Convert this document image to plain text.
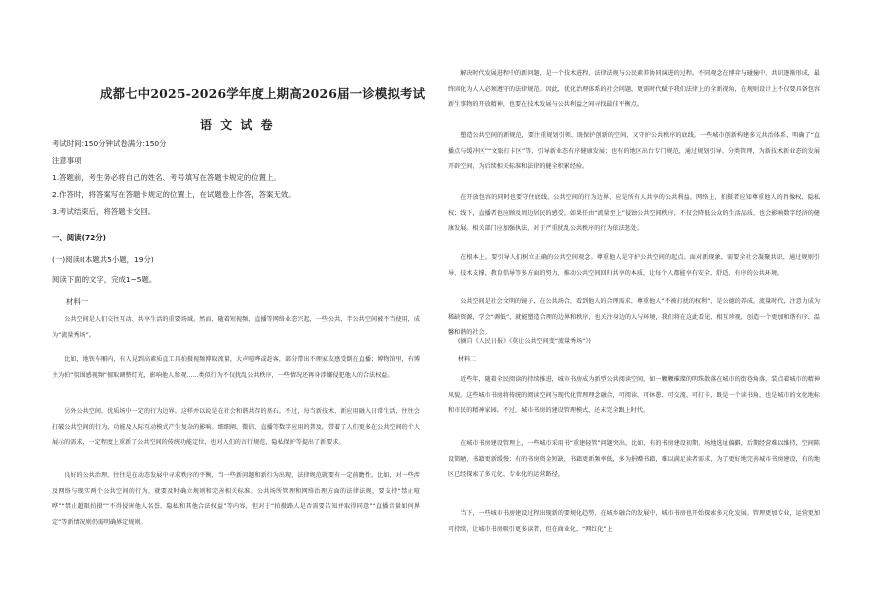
成都七中2025-2026学年度上期高2026届一诊模拟考试
语 文 试 卷
考试时间:150分钟试卷满分:150分
注意事项
1.答题前，考生务必将自己的姓名、考号填写在答题卡规定的位置上。
2.作答时，将答案写在答题卡规定的位置上，在试题卷上作答，答案无效。
3.考试结束后，将答题卡交回。
一、阅读(72分)
(一)阅读Ⅰ(本题共5小题，19分)
阅读下面的文字，完成1~5题。
材料一
公共空间是人们交往互动、共享生活的重要场域。然而，随着短视频、直播等网络业态兴起，一些公共、半公共空间被不当使用，成为“流量秀场”。
比如，地铁车厢内，有人見到高素质直工具拍摄视频博取流量，大声喧哗或赶客，部分带出不理家友感受倒在直播；博物馆里，有博主为拍“氛围感视频”擅取调整灯光，影响他人参观……类似行为不仅扰乱公共秩序，一些情况还再身涉嫌侵犯他人的合法权益。
另外公共空间，优质场中一定的行为边界。这样并以说是在社会和谐共存的基石。不过，每当新技术、新应用融入日常生活，往往会打破公共空间的行为、功能及人际互动模式产生复杂的影响。细细阐、微信、直播等数字应用的普及，带着了人们更多在公共空间的个人展示的需求，一定程度上重新了公共空间的传统功能定位，也对人们的言行规范、隐私保护等提出了新要求。
良好的公共治理，往往是在动态发展中寻求秩序的平衡，当一些新问题和新行为出现，法律规范就要有一定前瞻性。比如，对一些涉及网络与现实两个公共空间的行为，就要及时确立规则和完善相关标准。公共场所管理和网络治理方面的法律法规，要支持“禁止喧哗”“禁止超限拍摄”“不得侵害他人名誉、隐私和其他合法权益”等内容，但对于“拍摄路人是否需要告知并取得同意”“直播音量如何界定”等新情况则仍需明确界定规则。
解决时代发展进程中的新问题，是一个技术进程、法律法规与公民素养协同演进的过程。不同观念在博弈与碰撞中，共识逐渐形成，最终固化为人人必须遵守的法律规范。因此，优化治理体系的社会问题，更需时代赋予我们法律上的全新视角，在规则设计上不仅要具备包容新生事物的开放精神，也要在技术发展与公共利益之间寻找最佳平衡点。
塑造公共空间的新规范，要注重规划引领、既保护创新的空间，又守护公共秩序的底线。一些城市创新构建多元共治体系，明确了“直播点与缓冲区”“文旅打卡区”等，引导新业态有序健康发展；也有的地区出台专门规范，通过规划引导、分类管理，为新技术新业态的发展开辟空间，为后续相关标准和法律的健全积累经验。
在开放包容的同时也要守住底线。公共空间的行为边界，应是所有人共享的公共利益。网络上，拍摄者应知尊重他人的肖像权、隐私权；线下，直播者也应顾及周边居民的感受。如果任由“流量至上”侵蚀公共空间秩序，不仅会降低公众的生活品质，也会影响数字经济的健康发展。相关部门应加强执法，对于严重扰乱公共秩序的行为依法惩处。
在根本上，要引导人们树立正确的公共空间观念。尊重他人是守护公共空间的起点。面对新现象，需要全社会凝聚共识，通过规则引导、技术支撑、教育倡导等多方面的努力，推动公共空间回归共享的本质，让每个人都能享有安全、舒适、有序的公共环境。
公共空间是社会文明的镜子，在公共场合，看到他人的合理需求，尊重他人“不被打扰的权利”，是公德的养成。流量时代，注意力成为稀缺资源，学会“调低”，就能塑造合理的边界和秩序，也关注身边的人与环境，我们将在这此看见、相互珍视，创造一个更加和谐有序、温馨和谐的社会。
(摘自《人民日报》《莫让公共空间变“流量秀场”》)
材料二
近些年，随着全民阅读的持续推进，城市书房成为新型公共阅读空间，如一颗颗璀璨的明珠散落在城市的街巷角落，装点着城市的精神风貌。这些城市书房将传统的阅读空间与现代化管理理念融合，可阅读、可休憩、可交流、可打卡，既是一个读书角，也是城市的文化地标和市民的精神家园。不过，城市书房的建设管理模式，还未完全跟上时代。
在城市书房建设管理上，一些城市采用书“重建轻管”问题突出。比如，有的书房建设初期，场地选址偏僻，后期经营难以维持，空间陈设简陋，书籍更新缓慢；有的书房资金短缺，书籍更新频率低，多为捐赠书籍，难以满足读者需求，为了更好地完善城市书房建设，有的地区已经探索了多元化、专业化的运营路径。
当下，一些城市书房建设过程出现新的要规化趋势，在城乡融合的发展中，城市书房也开始探索多元化发展。管理更加专业，运营更加可持续，让城市书房吸引更多读者，但在商业化、“网红化”上
